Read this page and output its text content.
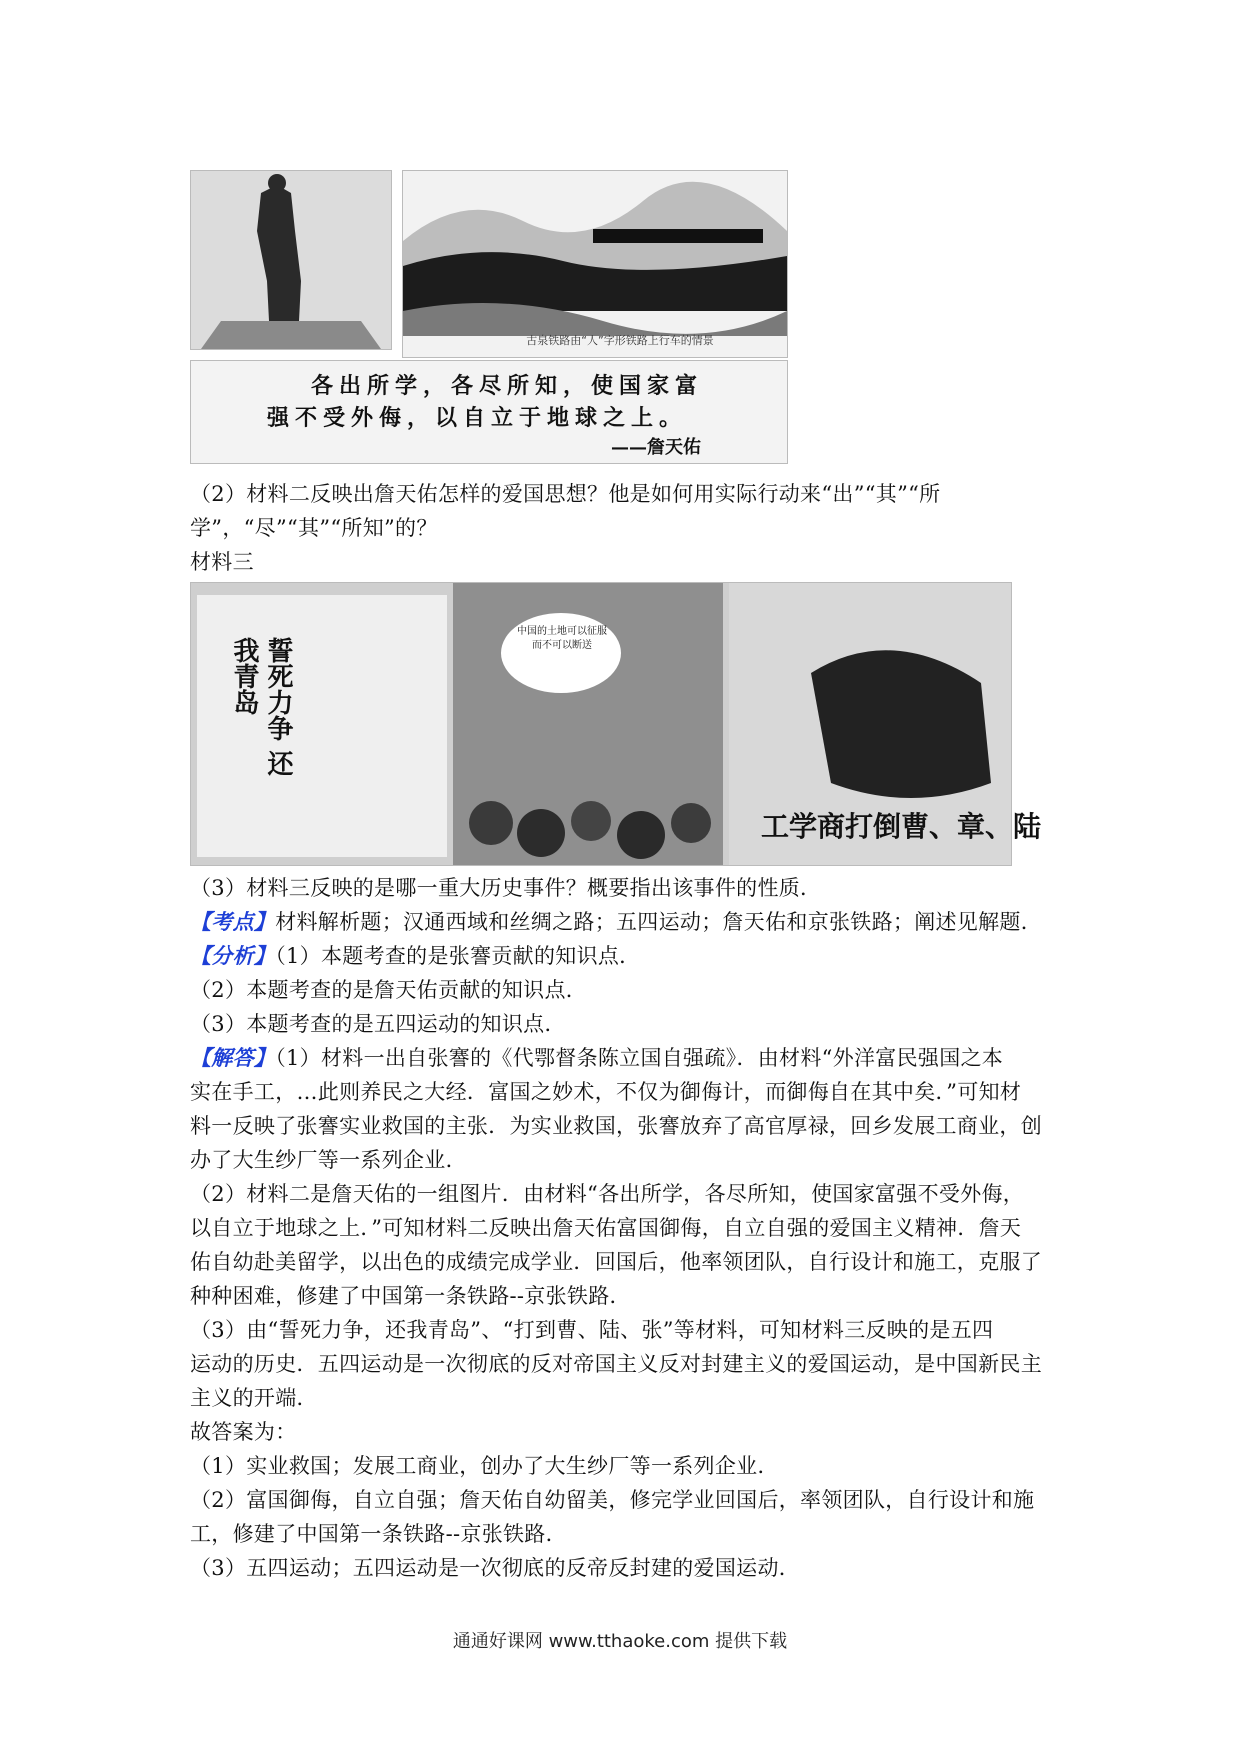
古泉铁路由“人”字形铁路上行车的情景
各出所学，各尽所知，使国家富
强不受外侮，以自立于地球之上。
——詹天佑
（2）材料二反映出詹天佑怎样的爱国思想？他是如何用实际行动来“出”“其”“所
学”，“尽”“其”“所知”的？
材料三
誓死力争 还我青岛
中国的土地可以征服而不可以断送
工学商打倒曹、章、陆
（3）材料三反映的是哪一重大历史事件？概要指出该事件的性质．
【考点】材料解析题；汉通西域和丝绸之路；五四运动；詹天佑和京张铁路；阐述见解题．
【分析】（1）本题考查的是张謇贡献的知识点．
（2）本题考查的是詹天佑贡献的知识点．
（3）本题考查的是五四运动的知识点．
【解答】（1）材料一出自张謇的《代鄂督条陈立国自强疏》．由材料“外洋富民强国之本
实在手工，…此则养民之大经．富国之妙术，不仅为御侮计，而御侮自在其中矣．”可知材
料一反映了张謇实业救国的主张．为实业救国，张謇放弃了高官厚禄，回乡发展工商业，创
办了大生纱厂等一系列企业．
（2）材料二是詹天佑的一组图片．由材料“各出所学，各尽所知，使国家富强不受外侮，
以自立于地球之上．”可知材料二反映出詹天佑富国御侮，自立自强的爱国主义精神．詹天
佑自幼赴美留学，以出色的成绩完成学业．回国后，他率领团队，自行设计和施工，克服了
种种困难，修建了中国第一条铁路--京张铁路．
（3）由“誓死力争，还我青岛”、“打到曹、陆、张”等材料，可知材料三反映的是五四
运动的历史．五四运动是一次彻底的反对帝国主义反对封建主义的爱国运动，是中国新民主
主义的开端．
故答案为：
（1）实业救国；发展工商业，创办了大生纱厂等一系列企业．
（2）富国御侮，自立自强；詹天佑自幼留美，修完学业回国后，率领团队，自行设计和施
工，修建了中国第一条铁路--京张铁路．
（3）五四运动；五四运动是一次彻底的反帝反封建的爱国运动．
通通好课网 www.tthaoke.com 提供下载
